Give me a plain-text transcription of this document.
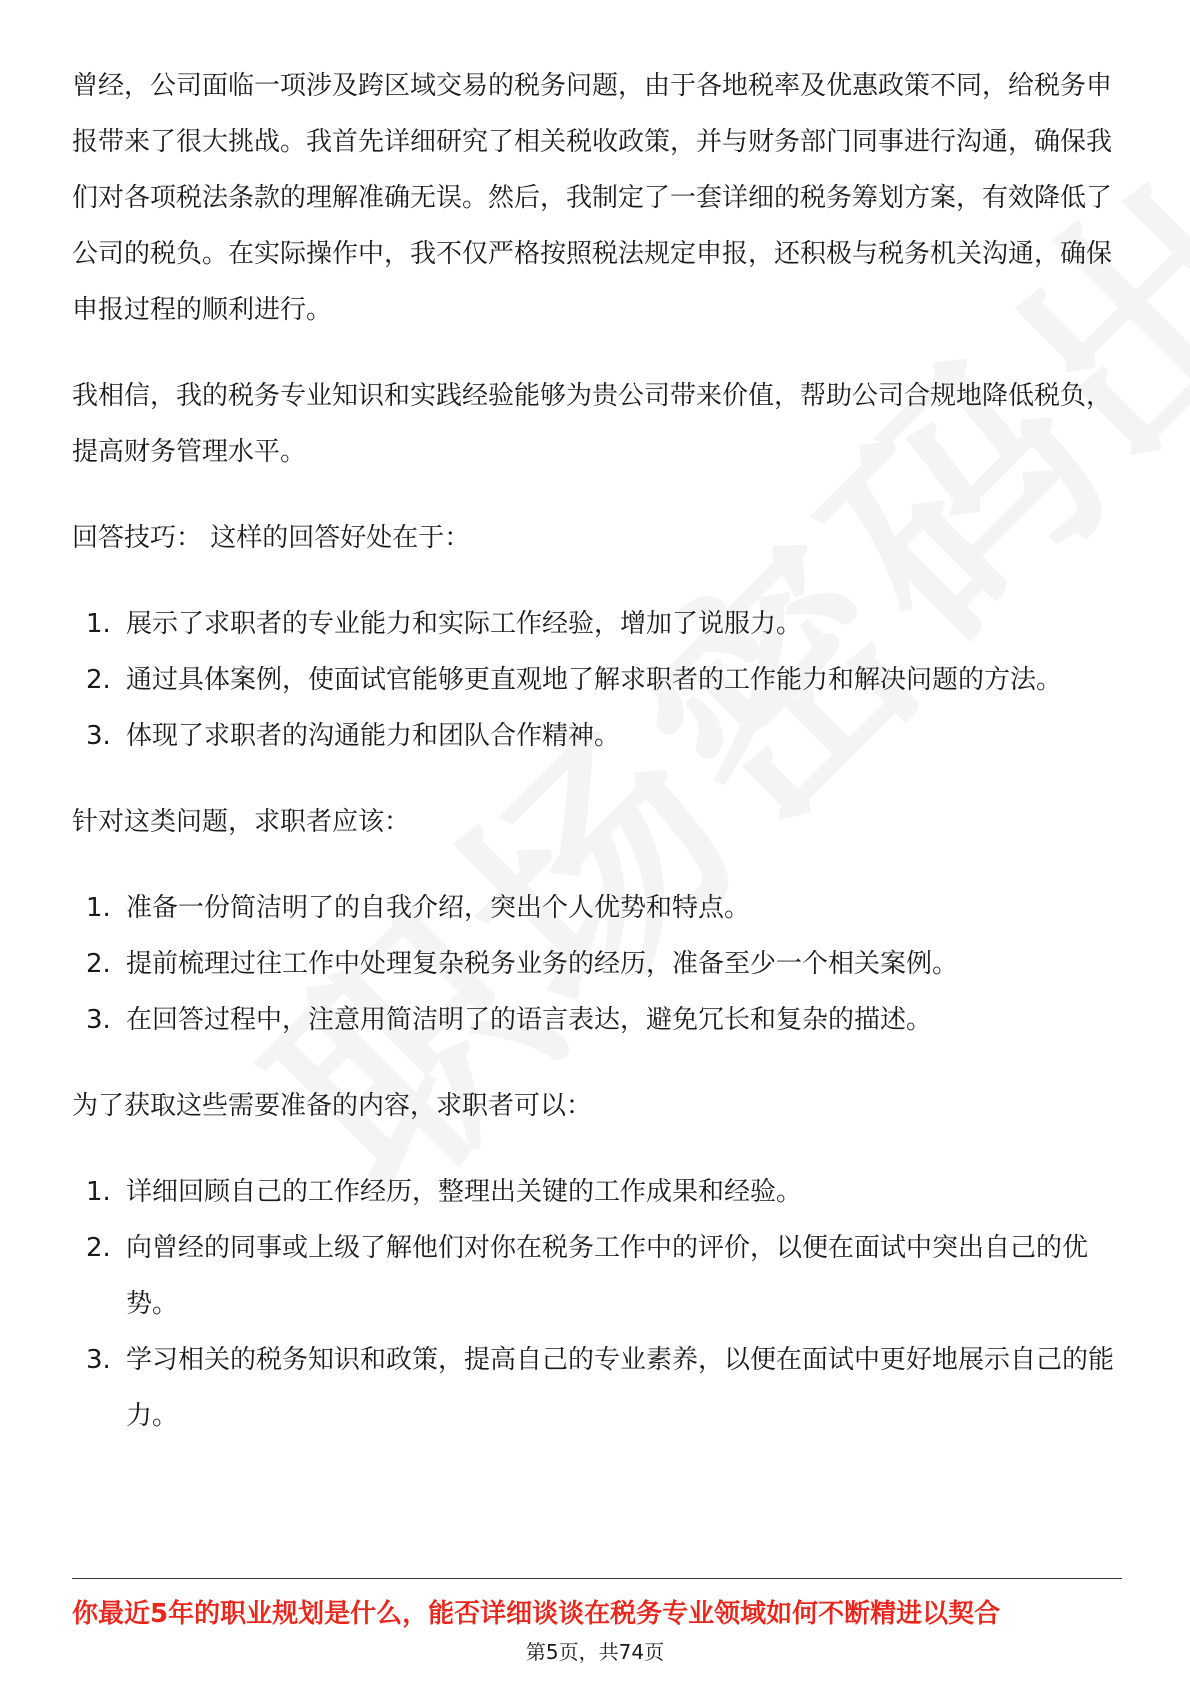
曾经，公司面临一项涉及跨区域交易的税务问题，由于各地税率及优惠政策不同，给税务申报带来了很大挑战。我首先详细研究了相关税收政策，并与财务部门同事进行沟通，确保我们对各项税法条款的理解准确无误。然后，我制定了一套详细的税务筹划方案，有效降低了公司的税负。在实际操作中，我不仅严格按照税法规定申报，还积极与税务机关沟通，确保申报过程的顺利进行。

我相信，我的税务专业知识和实践经验能够为贵公司带来价值，帮助公司合规地降低税负，提高财务管理水平。

回答技巧： 这样的回答好处在于：

1. 展示了求职者的专业能力和实际工作经验，增加了说服力。
2. 通过具体案例，使面试官能够更直观地了解求职者的工作能力和解决问题的方法。
3. 体现了求职者的沟通能力和团队合作精神。

针对这类问题，求职者应该：

1. 准备一份简洁明了的自我介绍，突出个人优势和特点。
2. 提前梳理过往工作中处理复杂税务业务的经历，准备至少一个相关案例。
3. 在回答过程中，注意用简洁明了的语言表达，避免冗长和复杂的描述。

为了获取这些需要准备的内容，求职者可以：

1. 详细回顾自己的工作经历，整理出关键的工作成果和经验。
2. 向曾经的同事或上级了解他们对你在税务工作中的评价，以便在面试中突出自己的优势。
3. 学习相关的税务知识和政策，提高自己的专业素养，以便在面试中更好地展示自己的能力。
你最近5年的职业规划是什么，能否详细谈谈在税务专业领域如何不断精进以契合
第5页，共74页
